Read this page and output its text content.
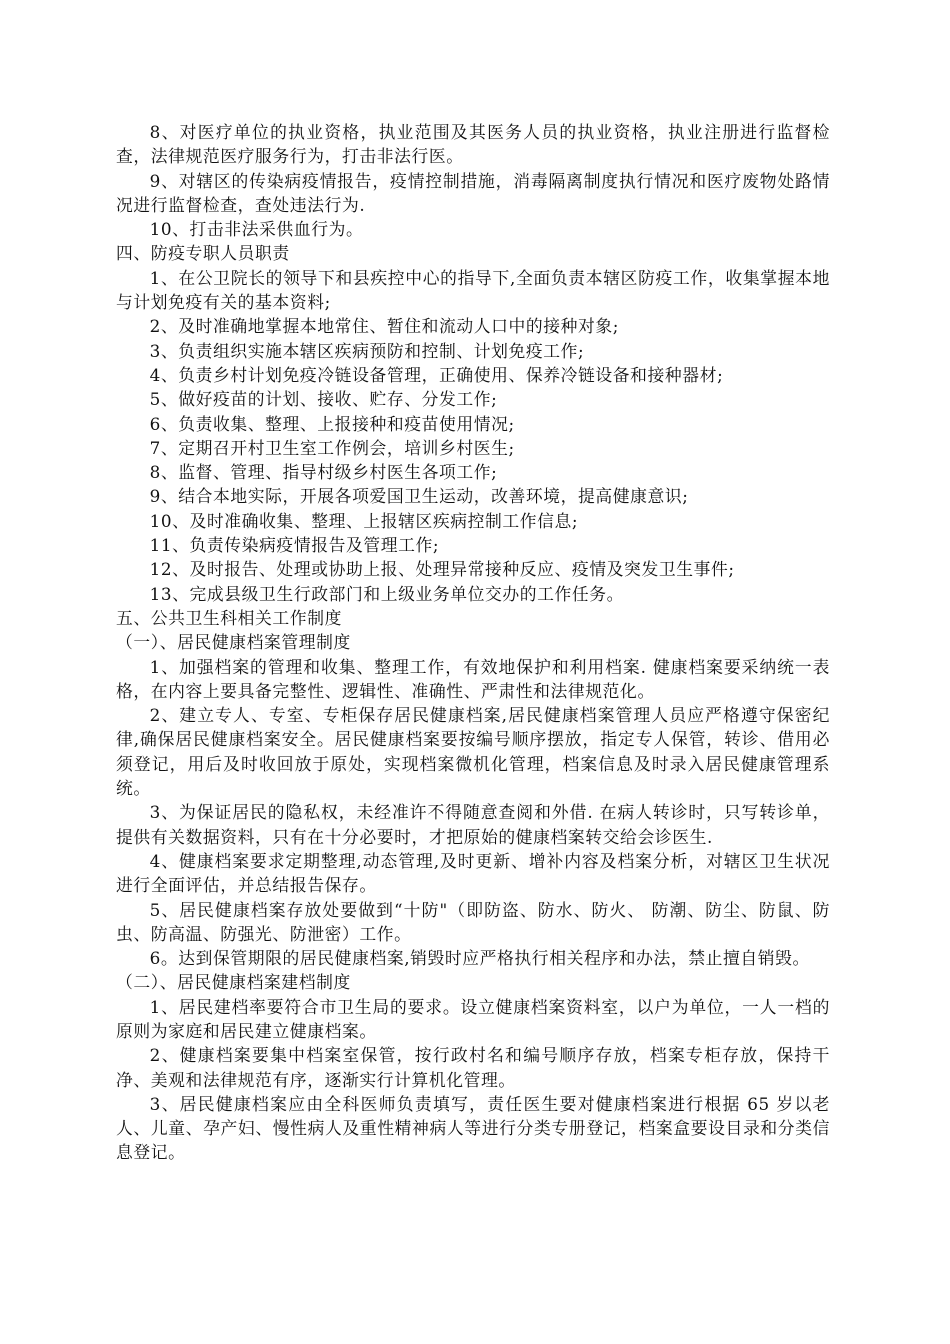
8、对医疗单位的执业资格，执业范围及其医务人员的执业资格，执业注册进行监督检查，法律规范医疗服务行为，打击非法行医。

9、对辖区的传染病疫情报告，疫情控制措施，消毒隔离制度执行情况和医疗废物处路情况进行监督检查，查处违法行为.

10、打击非法采供血行为。

四、防疫专职人员职责

1、在公卫院长的领导下和县疾控中心的指导下,全面负责本辖区防疫工作，收集掌握本地与计划免疫有关的基本资料;

2、及时准确地掌握本地常住、暂住和流动人口中的接种对象;

3、负责组织实施本辖区疾病预防和控制、计划免疫工作;

4、负责乡村计划免疫冷链设备管理，正确使用、保养冷链设备和接种器材;

5、做好疫苗的计划、接收、贮存、分发工作;

6、负责收集、整理、上报接种和疫苗使用情况;

7、定期召开村卫生室工作例会，培训乡村医生;

8、监督、管理、指导村级乡村医生各项工作;

9、结合本地实际，开展各项爱国卫生运动，改善环境，提高健康意识;

10、及时准确收集、整理、上报辖区疾病控制工作信息;

11、负责传染病疫情报告及管理工作;

12、及时报告、处理或协助上报、处理异常接种反应、疫情及突发卫生事件;

13、完成县级卫生行政部门和上级业务单位交办的工作任务。

五、公共卫生科相关工作制度

（一）、居民健康档案管理制度

1、加强档案的管理和收集、整理工作，有效地保护和利用档案. 健康档案要采纳统一表格，在内容上要具备完整性、逻辑性、准确性、严肃性和法律规范化。

2、建立专人、专室、专柜保存居民健康档案,居民健康档案管理人员应严格遵守保密纪律,确保居民健康档案安全。居民健康档案要按编号顺序摆放，指定专人保管，转诊、借用必须登记，用后及时收回放于原处，实现档案微机化管理，档案信息及时录入居民健康管理系统。

3、为保证居民的隐私权，未经准许不得随意查阅和外借. 在病人转诊时，只写转诊单，提供有关数据资料，只有在十分必要时，才把原始的健康档案转交给会诊医生.

4、健康档案要求定期整理,动态管理,及时更新、增补内容及档案分析，对辖区卫生状况进行全面评估，并总结报告保存。

5、居民健康档案存放处要做到“十防"（即防盗、防水、防火、 防潮、防尘、防鼠、防虫、防高温、防强光、防泄密）工作。

6。达到保管期限的居民健康档案,销毁时应严格执行相关程序和办法，禁止擅自销毁。

（二）、居民健康档案建档制度

1、居民建档率要符合市卫生局的要求。设立健康档案资料室，以户为单位，一人一档的原则为家庭和居民建立健康档案。

2、健康档案要集中档案室保管，按行政村名和编号顺序存放，档案专柜存放，保持干净、美观和法律规范有序，逐渐实行计算机化管理。

3、居民健康档案应由全科医师负责填写，责任医生要对健康档案进行根据 65 岁以老人、儿童、孕产妇、慢性病人及重性精神病人等进行分类专册登记，档案盒要设目录和分类信息登记。
